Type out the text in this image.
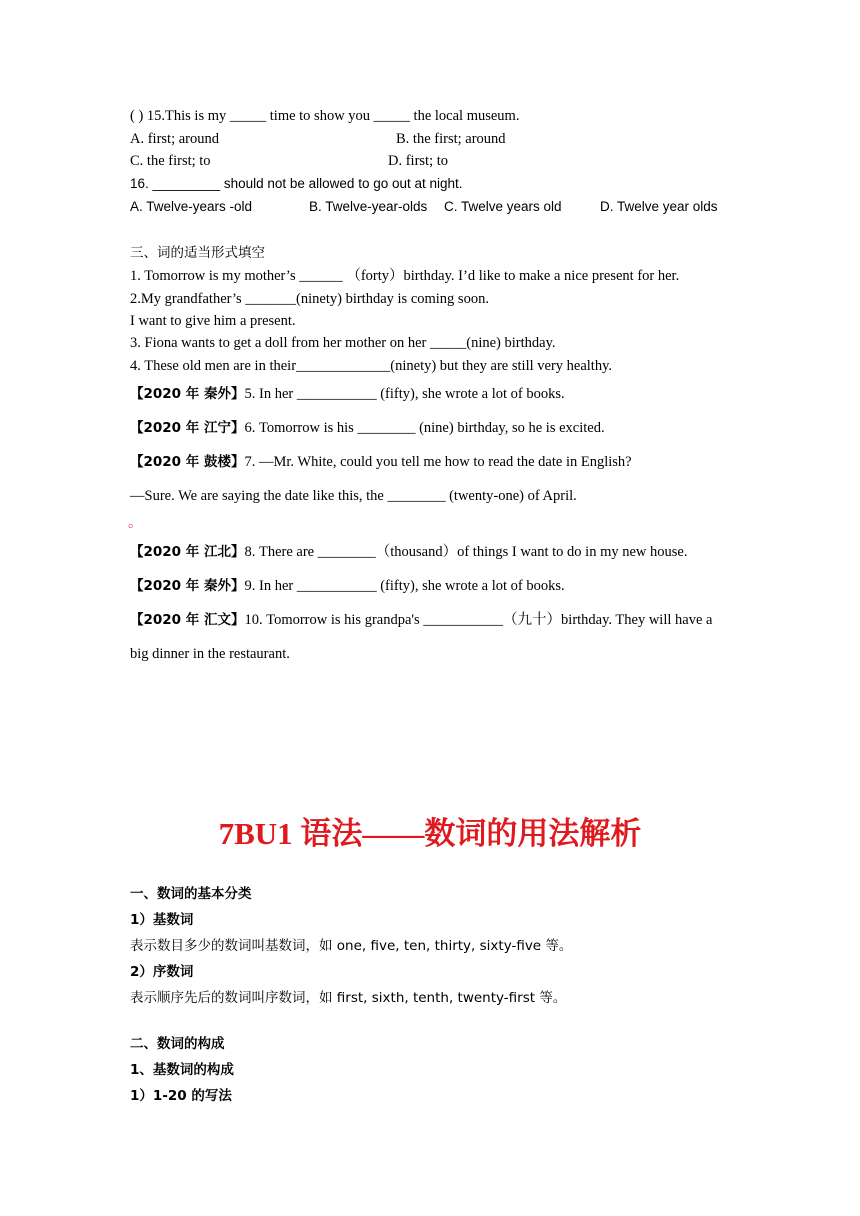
( ) 15.This is my _____ time to show you _____ the local museum.
A. first; around	B. the first; around
C. the first; to	D. first; to
16. _________ should not be allowed to go out at night.
A. Twelve-years -old	B. Twelve-year-olds C. Twelve years old	D. Twelve year olds
三、词的适当形式填空
1. Tomorrow is my mother’s ______ （forty）birthday. I’d like to make a nice present for her.
2.My grandfather’s _______(ninety) birthday is coming soon.
I want to give him a present.
3. Fiona wants to get a doll from her mother on her _____(nine) birthday.
4. These old men are in their_____________(ninety) but they are still very healthy.
【2020 年 秦外】5. In her ___________ (fifty), she wrote a lot of books.
【2020 年 江宁】6. Tomorrow is his ________ (nine) birthday, so he is excited.
【2020 年 鼓楼】7. —Mr. White, could you tell me how to read the date in English?
—Sure. We are saying the date like this, the ________ (twenty-one) of April.
。
【2020 年 江北】8. There are ________（thousand）of things I want to do in my new house.
【2020 年 秦外】9. In her ___________ (fifty), she wrote a lot of books.
【2020 年 汇文】10. Tomorrow is his grandpa's ___________（九十）birthday. They will have a
big dinner in the restaurant.
7BU1 语法——数词的用法解析
一、数词的基本分类
1）基数词
表示数目多少的数词叫基数词，如 one, five, ten, thirty, sixty-five 等。
2）序数词
表示顺序先后的数词叫序数词，如 first, sixth, tenth, twenty-first 等。
二、数词的构成
1、基数词的构成
1）1-20 的写法
